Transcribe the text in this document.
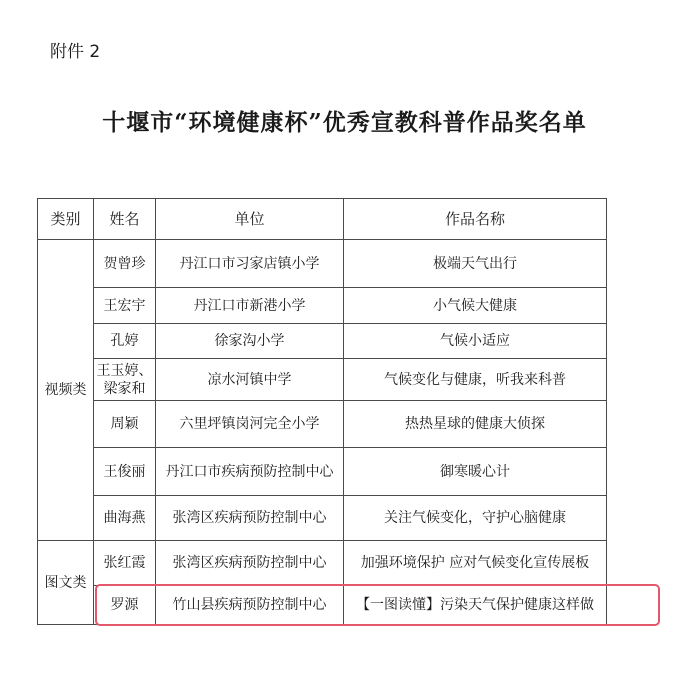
附件 2
十堰市“环境健康杯”优秀宣教科普作品奖名单
类别	姓名	单位	作品名称
视频类	贺曾珍	丹江口市习家店镇小学	极端天气出行
	王宏宇	丹江口市新港小学	小气候大健康
	孔婷	徐家沟小学	气候小适应
	王玉婷、梁家和	凉水河镇中学	气候变化与健康，听我来科普
	周颖	六里坪镇岗河完全小学	热热星球的健康大侦探
	王俊丽	丹江口市疾病预防控制中心	御寒暖心计
	曲海燕	张湾区疾病预防控制中心	关注气候变化，守护心脑健康
图文类	张红霞	张湾区疾病预防控制中心	加强环境保护 应对气候变化宣传展板
	罗源	竹山县疾病预防控制中心	【一图读懂】污染天气保护健康这样做
